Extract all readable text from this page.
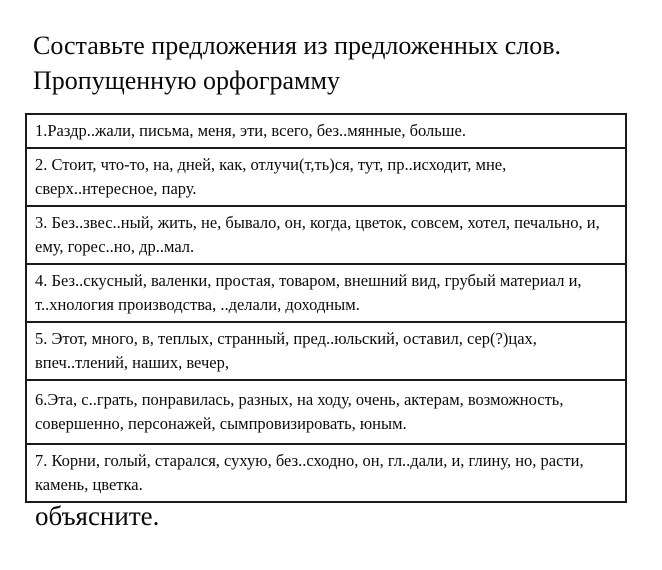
Составьте предложения из предложенных слов.
Пропущенную орфограмму
1.Раздр..жали, письма, меня, эти, всего, без..мянные, больше.
2. Стоит, что-то, на, дней, как, отлучи(т,ть)ся, тут, пр..исходит, мне, сверх..нтересное, пару.
3. Без..звес..ный, жить, не, бывало, он, когда, цветок, совсем, хотел, печально, и, ему, горес..но, др..мал.
4. Без..скусный, валенки, простая, товаром, внешний вид, грубый материал и, т..хнология производства, ..делали, доходным.
5. Этот, много, в, теплых, странный, пред..юльский, оставил, сер(?)цах, впеч..тлений, наших, вечер,
6.Эта, с..грать, понравилась, разных, на ходу, очень, актерам, возможность, совершенно, персонажей, сымпровизировать, юным.
7. Корни, голый, старался, сухую, без..сходно, он, гл..дали, и, глину, но, расти, камень, цветка.
объясните.
